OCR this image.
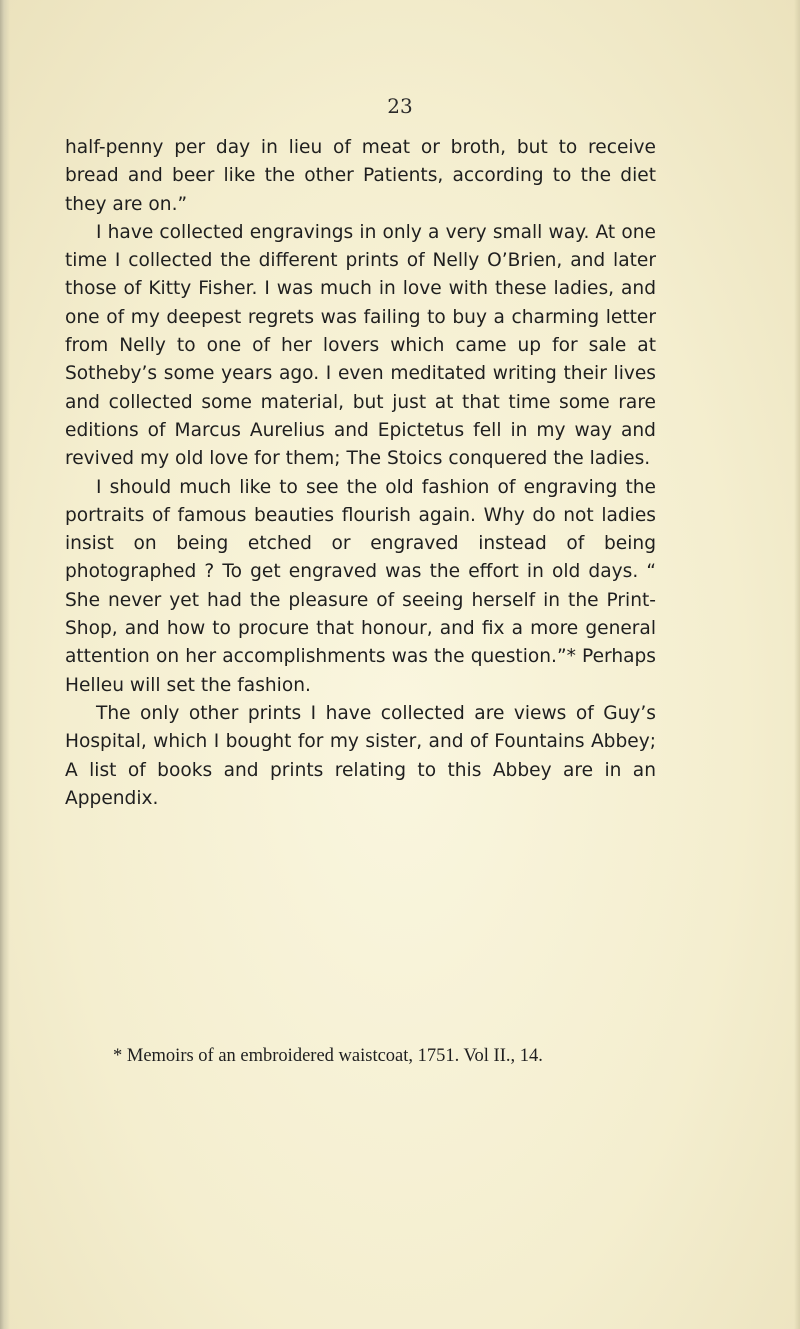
23

half-penny per day in lieu of meat or broth, but to receive bread and beer like the other Patients, according to the diet they are on.”

I have collected engravings in only a very small way. At one time I collected the different prints of Nelly O’Brien, and later those of Kitty Fisher. I was much in love with these ladies, and one of my deepest regrets was failing to buy a charming letter from Nelly to one of her lovers which came up for sale at Sotheby’s some years ago. I even meditated writing their lives and collected some material, but just at that time some rare editions of Marcus Aurelius and Epictetus fell in my way and revived my old love for them; The Stoics conquered the ladies.

I should much like to see the old fashion of engraving the portraits of famous beauties flourish again. Why do not ladies insist on being etched or engraved instead of being photographed ? To get engraved was the effort in old days. “ She never yet had the pleasure of seeing herself in the Print-Shop, and how to procure that honour, and fix a more general attention on her accomplishments was the question.”* Perhaps Helleu will set the fashion.

The only other prints I have collected are views of Guy’s Hospital, which I bought for my sister, and of Fountains Abbey; A list of books and prints relating to this Abbey are in an Appendix.

* Memoirs of an embroidered waistcoat, 1751. Vol II., 14.
